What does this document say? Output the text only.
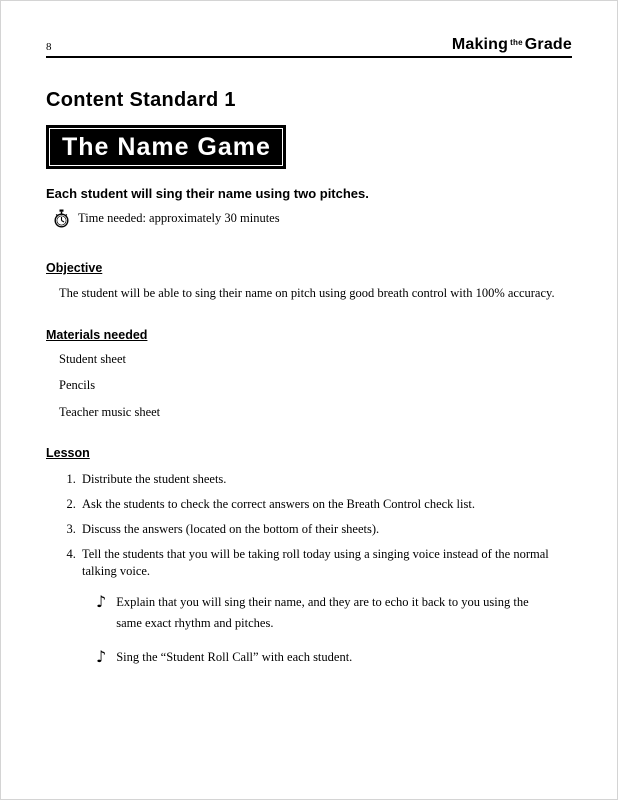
8	Making $^{the}$ Grade
Content Standard 1
The Name Game

Each student will sing their name using two pitches.

Time needed: approximately 30 minutes
Objective

The student will be able to sing their name on pitch using good breath control with 100% accuracy.

Materials needed

Student sheet

Pencils

Teacher music sheet

Lesson
1. Distribute the student sheets.
2. Ask the students to check the correct answers on the Breath Control check list.
3. Discuss the answers (located on the bottom of their sheets).
4. Tell the students that you will be taking roll today using a singing voice instead of the normal talking voice.
♪ Explain that you will sing their name, and they are to echo it back to you using the same exact rhythm and pitches.
♪ Sing the “Student Roll Call” with each student.
